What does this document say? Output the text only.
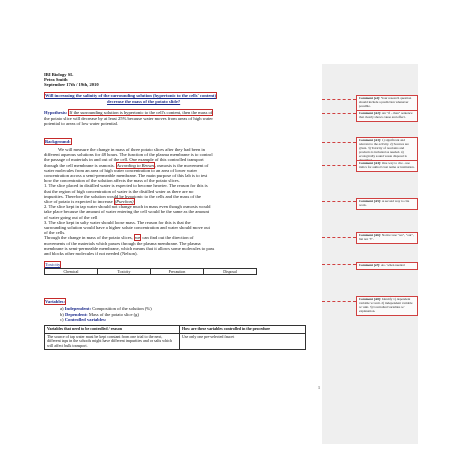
IBI Biology SL
Petra Smith
September 17th / 19th, 2010
Will increasing the salinity of the surrounding solution (hypertonic to the cells' content)
decrease the mass of the potato slide?
Hypothesis: If the surrounding solution is hypertonic to the cell's content, then the mass of
the potato slice will decrease by at least 25% because water moves from areas of high water
potential to areas of low water potential.
Background:
We will measure the change in mass of three potato slices after they had been in
different aqueous solutions for 48 hours. The function of the plasma membrane is to control
the passage of materials in and out of the cell. One example of this controlled transport
through the cell membrane is osmosis. According to Brown, osmosis is the movement of
water molecules from an area of high water concentration to an area of lower water
concentration across a semi-permeable membrane. The main purpose of this lab is to test
how the concentration of the solution affects the mass of the potato slices.
1. The slice placed in distilled water is expected to become heavier. The reason for this is
that the region of high concentration of water is the distilled water as there are no
impurities. Therefore the solution would be hypotonic to the cells and the mass of the
slice of potato is expected to increase (Purchon)
2. The slice kept in tap water should not change much in mass even though osmosis would
take place because the amount of water entering the cell would be the same as the amount
of water going out of the cell
3. The slice kept in salty water should loose mass. The reason for this is that the
surrounding solution would have a higher solute concentration and water should move out
of the cells.
Through the change in mass of the potato slices, we can find out the direction of
movements of the materials which passes through the plasma membrane. The plasma
membrane is semi-permeable membrane, which means that it allows some molecules to pass
and blocks other molecules if not needed (Nelson).
Toxicity
Chemical	Toxicity	Precaution	Disposal
Variables:
a) Independent: Composition of the solution (%)
b) Dependent: Mass of the potato slice (g)
c) Controlled variables:
Variables that need to be controlled / reason	How are these variables controlled in the procedure
The source of tap water must be kept constant from one trial to the next, different taps in the schools might have different impurities and or salts which will affect bulk transport.	Use only one pre-selected faucet
1
Comment [a1]: Your research question should include a prediction whenever possible.
Comment [A2]: An "if .. then" sentence that clearly shows cause and effect.
Comment [A3]: 1) significant and relevant to the activity. 2) Sources are given. 3) Toxicity of reactants and products is included as needed. 4) ecologically sound waste disposal is
Comment [A4]: One way to cite - use italics for author's last name or institution.
Comment [A5]: A second way to cite work.
Comment [A6]: Notice: use "we", "our", but not "I".
Comment [a7]: As / when needed
Comment [A8]: Identify 1) dependent variable w/ unit. 2) independent variable w/ unit. 3) Controlled variables w/ explanation.
